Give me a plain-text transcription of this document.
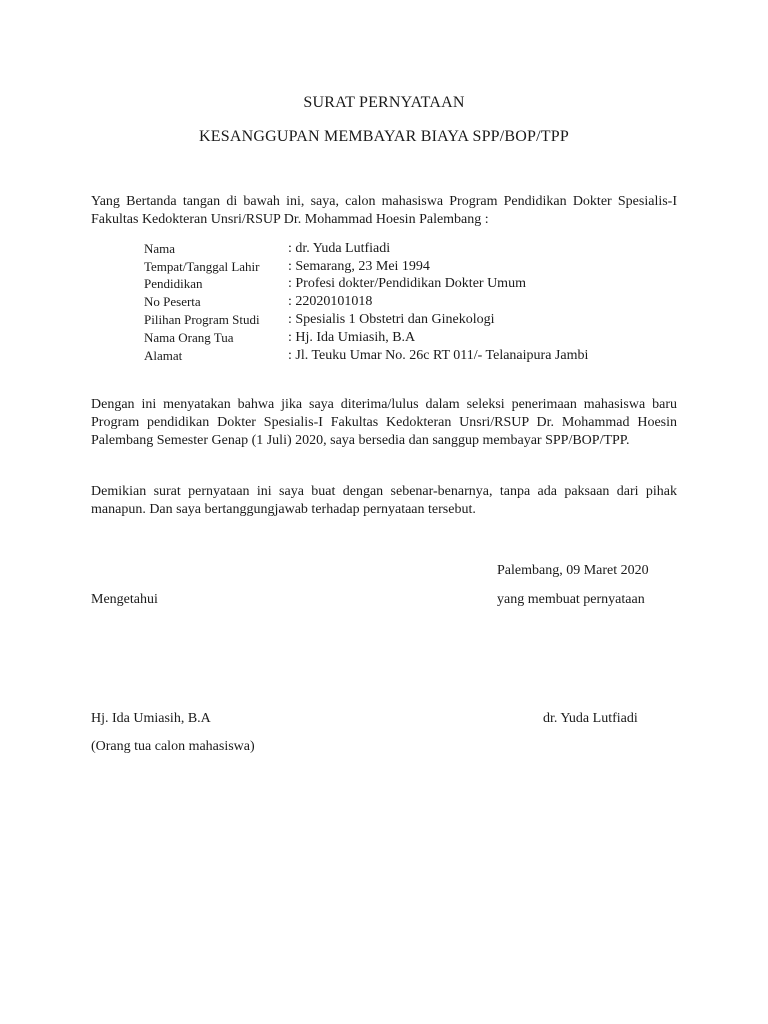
SURAT PERNYATAAN
KESANGGUPAN MEMBAYAR BIAYA SPP/BOP/TPP
Yang Bertanda tangan di bawah ini, saya, calon mahasiswa Program Pendidikan Dokter Spesialis-I Fakultas Kedokteran Unsri/RSUP Dr. Mohammad Hoesin Palembang :
Nama	: dr. Yuda Lutfiadi
Tempat/Tanggal Lahir	: Semarang, 23 Mei 1994
Pendidikan	: Profesi dokter/Pendidikan Dokter Umum
No Peserta	: 22020101018
Pilihan Program Studi	: Spesialis 1 Obstetri dan Ginekologi
Nama Orang Tua	: Hj. Ida Umiasih, B.A
Alamat	: Jl. Teuku Umar No. 26c RT 011/- Telanaipura Jambi
Dengan ini menyatakan bahwa jika saya diterima/lulus dalam seleksi penerimaan mahasiswa baru Program pendidikan Dokter Spesialis-I Fakultas Kedokteran Unsri/RSUP Dr. Mohammad Hoesin Palembang Semester Genap (1 Juli) 2020, saya bersedia dan sanggup membayar SPP/BOP/TPP.
Demikian surat pernyataan ini saya buat dengan sebenar-benarnya, tanpa ada paksaan dari pihak manapun. Dan saya bertanggungjawab terhadap pernyataan tersebut.
Palembang, 09 Maret 2020
Mengetahui	yang membuat pernyataan
Hj. Ida Umiasih, B.A	dr. Yuda Lutfiadi
(Orang tua calon mahasiswa)
